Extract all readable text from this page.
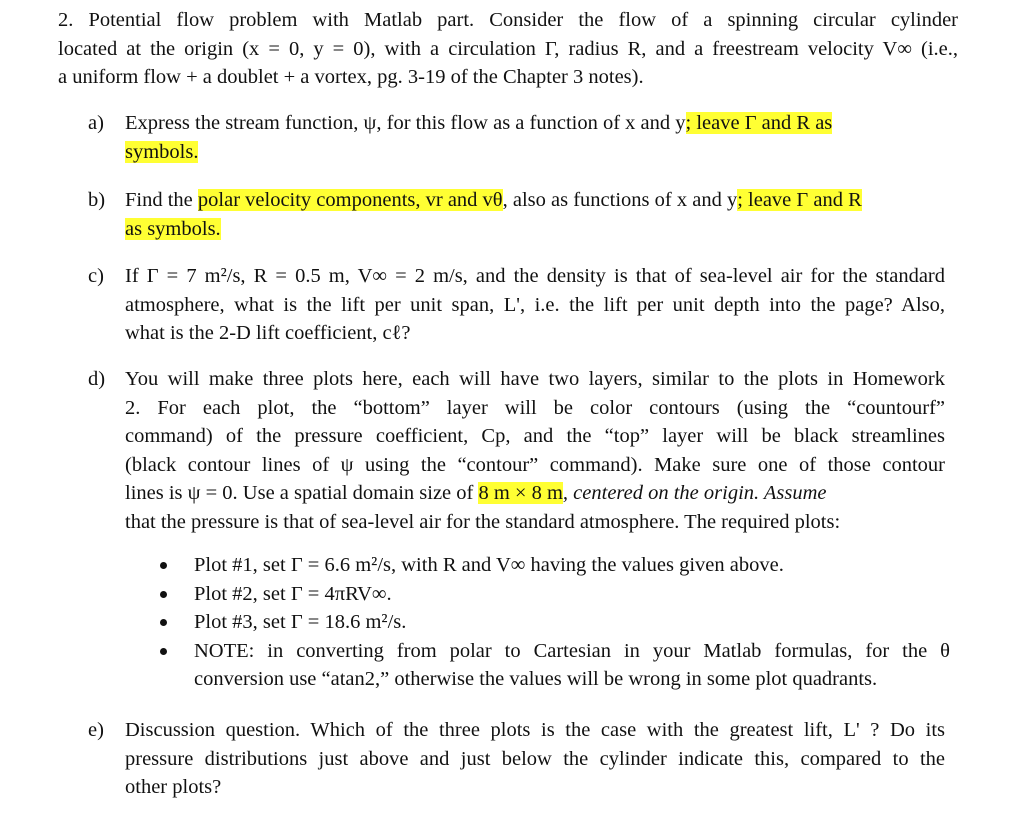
2. Potential flow problem with Matlab part. Consider the flow of a spinning circular cylinder
located at the origin (x = 0, y = 0), with a circulation Γ, radius R, and a freestream velocity V∞ (i.e.,
a uniform flow + a doublet + a vortex, pg. 3-19 of the Chapter 3 notes).
a)	Express the stream function, ψ, for this flow as a function of x and y; leave Γ and R as
symbols.
b) Find the polar velocity components, vr and vθ, also as functions of x and y; leave Γ and R
as symbols.
c)	If Γ = 7 m²/s, R = 0.5 m, V∞ = 2 m/s, and the density is that of sea-level air for the standard
atmosphere, what is the lift per unit span, L', i.e. the lift per unit depth into the page? Also,
what is the 2-D lift coefficient, cℓ?
d) You will make three plots here, each will have two layers, similar to the plots in Homework
2. For each plot, the “bottom” layer will be color contours (using the “countourf”
command) of the pressure coefficient, Cp, and the “top” layer will be black streamlines
(black contour lines of ψ using the “contour” command). Make sure one of those contour
lines is ψ = 0. Use a spatial domain size of 8 m × 8 m, centered on the origin. Assume
that the pressure is that of sea-level air for the standard atmosphere. The required plots:
Plot #1, set Γ = 6.6 m²/s, with R and V∞ having the values given above.
Plot #2, set Γ = 4πRV∞.
Plot #3, set Γ = 18.6 m²/s.
NOTE: in converting from polar to Cartesian in your Matlab formulas, for the θ
conversion use “atan2,” otherwise the values will be wrong in some plot quadrants.
e)	Discussion question. Which of the three plots is the case with the greatest lift, L' ? Do its
pressure distributions just above and just below the cylinder indicate this, compared to the
other plots?
